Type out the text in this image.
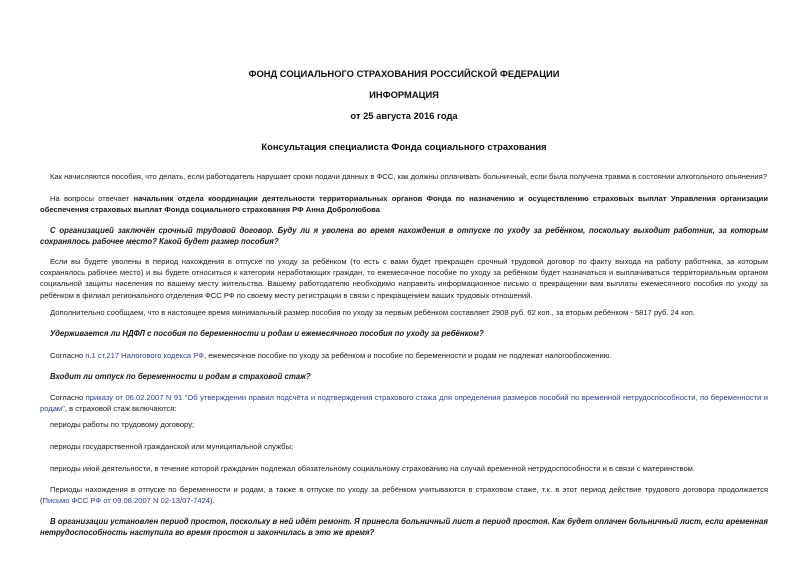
ФОНД СОЦИАЛЬНОГО СТРАХОВАНИЯ РОССИЙСКОЙ ФЕДЕРАЦИИ
ИНФОРМАЦИЯ
от 25 августа 2016 года
Консультация специалиста Фонда социального страхования
Как начисляются пособия, что делать, если работодатель нарушает сроки подачи данных в ФСС, как должны оплачивать больничный, если была получена травма в состоянии алкогольного опьянения?
На вопросы отвечает начальник отдела координации деятельности территориальных органов Фонда по назначению и осуществлению страховых выплат Управления организации обеспечения страховых выплат Фонда социального страхования РФ Анна Добролюбова.
С организацией заключён срочный трудовой договор. Буду ли я уволена во время нахождения в отпуске по уходу за ребёнком, поскольку выходит работник, за которым сохранялось рабочее место? Какой будет размер пособия?
Если вы будете уволены в период нахождения в отпуске по уходу за ребёнком (то есть с вами будет прекращён срочный трудовой договор по факту выхода на работу работника, за которым сохранялось рабочее место) и вы будете относиться к категории неработающих граждан, то ежемесячное пособие по уходу за ребёнком будет назначаться и выплачиваться территориальным органом социальной защиты населения по вашему месту жительства. Вашему работодателю необходимо направить информационное письмо о прекращении вам выплаты ежемесячного пособия по уходу за ребёнком в филиал регионального отделения ФСС РФ по своему месту регистрации в связи с прекращением ваших трудовых отношений.
Дополнительно сообщаем, что в настоящее время минимальный размер пособия по уходу за первым ребёнком составляет 2908 руб. 62 коп., за вторым ребёнком - 5817 руб. 24 коп.
Удерживается ли НДФЛ с пособия по беременности и родам и ежемесячного пособия по уходу за ребёнком?
Согласно п.1 ст.217 Налогового кодекса РФ, ежемесячное пособие по уходу за ребёнком и пособие по беременности и родам не подлежат налогообложению.
Входит ли отпуск по беременности и родам в страховой стаж?
Согласно приказу от 06.02.2007 N 91 "Об утверждении правил подсчёта и подтверждения страхового стажа для определения размеров пособий по временной нетрудоспособности, по беременности и родам", в страховой стаж включаются:
периоды работы по трудовому договору;
периоды государственной гражданской или муниципальной службы;
периоды иной деятельности, в течение которой гражданин подлежал обязательному социальному страхованию на случай временной нетрудоспособности и в связи с материнством.
Периоды нахождения в отпуске по беременности и родам, а также в отпуске по уходу за ребёнком учитываются в страховом стаже, т.к. в этот период действие трудового договора продолжается (Письмо ФСС РФ от 09.08.2007 N 02-13/07-7424).
В организации установлен период простоя, поскольку в ней идёт ремонт. Я принесла больничный лист в период простоя. Как будет оплачен больничный лист, если временная нетрудоспособность наступила во время простоя и закончилась в это же время?
